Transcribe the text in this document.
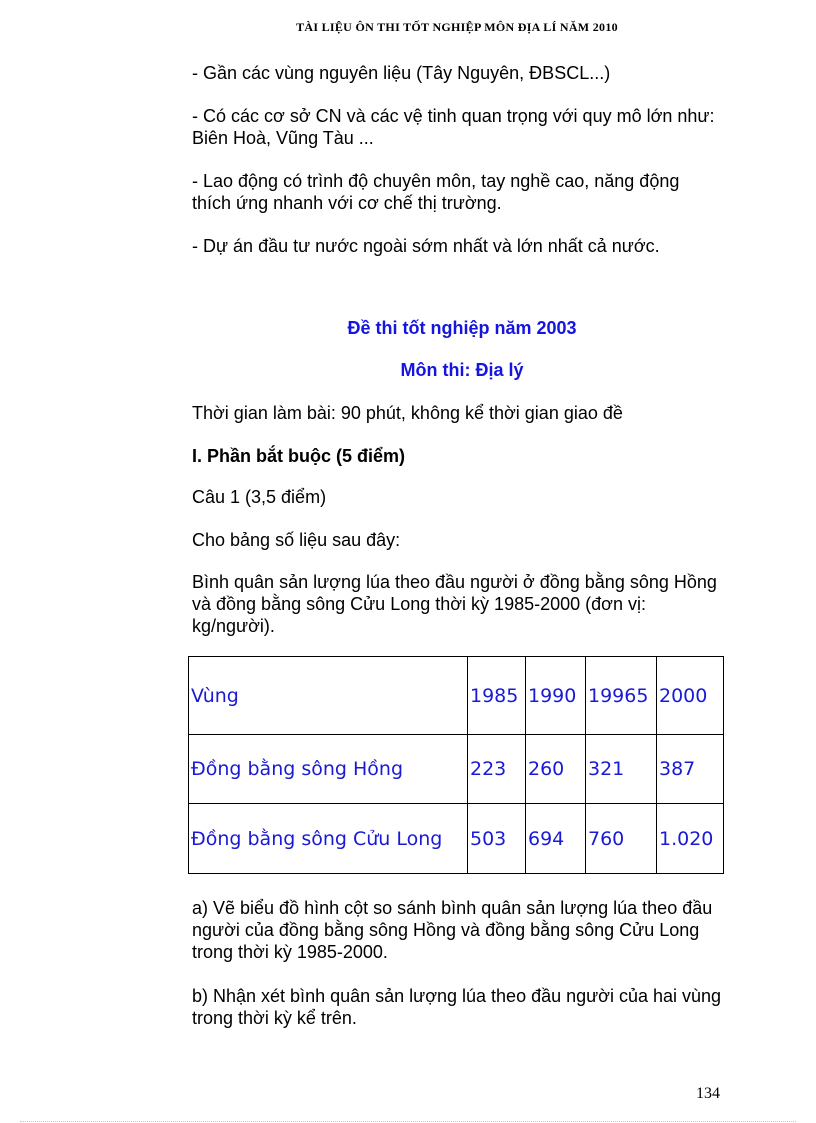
TÀI LIỆU ÔN THI TỐT NGHIỆP MÔN ĐỊA LÍ NĂM 2010
- Gần các vùng nguyên liệu (Tây Nguyên, ĐBSCL...)
- Có các cơ sở CN và các vệ tinh quan trọng với quy mô lớn như: Biên Hoà, Vũng Tàu ...
- Lao động có trình độ chuyên môn, tay nghề cao, năng động thích ứng nhanh với cơ chế thị trường.
- Dự án đầu tư nước ngoài sớm nhất và lớn nhất cả nước.
Đề thi tốt nghiệp năm 2003
Môn thi: Địa lý
Thời gian làm bài: 90 phút, không kể thời gian giao đề
I. Phần bắt buộc (5 điểm)
Câu 1 (3,5 điểm)
Cho bảng số liệu sau đây:
Bình quân sản lượng lúa theo đầu người ở đồng bằng sông Hồng và đồng bằng sông Cửu Long thời kỳ 1985-2000 (đơn vị: kg/người).
Vùng	1985	1990	19965	2000
Đồng bằng sông Hồng	223	260	321	387
Đồng bằng sông Cửu Long	503	694	760	1.020
a) Vẽ biểu đồ hình cột so sánh bình quân sản lượng lúa theo đầu người của đồng bằng sông Hồng và đồng bằng sông Cửu Long trong thời kỳ 1985-2000.
b) Nhận xét bình quân sản lượng lúa theo đầu người của hai vùng trong thời kỳ kể trên.
134
